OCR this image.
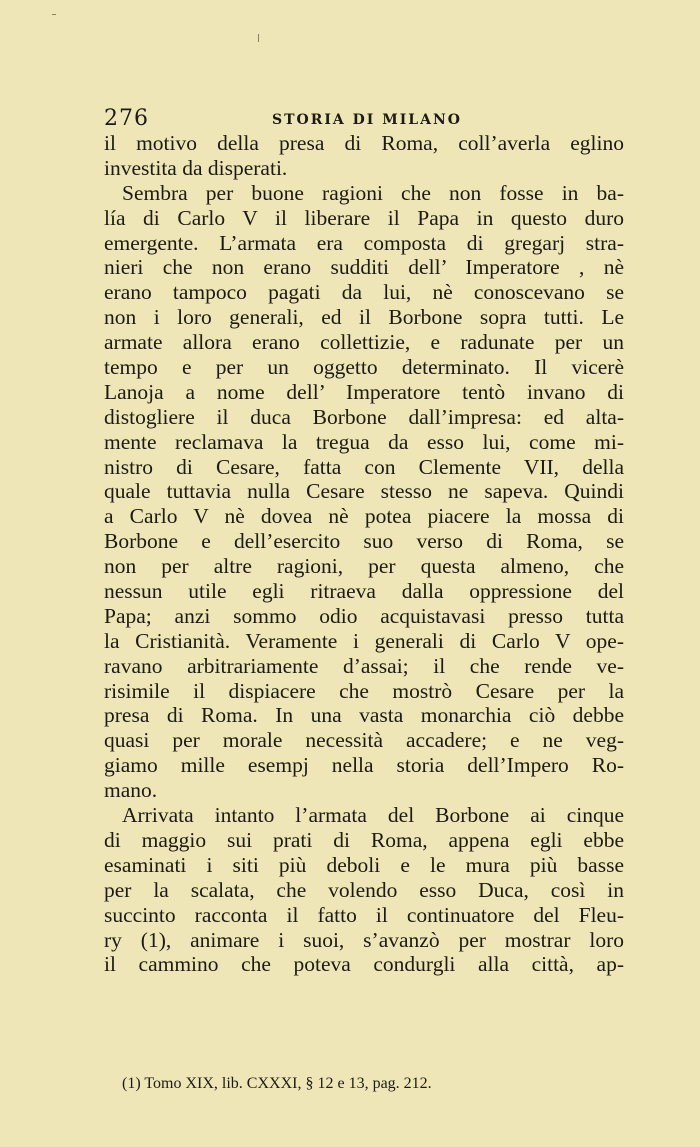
276	STORIA DI MILANO
il motivo della presa di Roma, coll’averla eglino
investita da disperati.
Sembra per buone ragioni che non fosse in ba-
lía di Carlo V il liberare il Papa in questo duro
emergente. L’armata era composta di gregarj stra-
nieri che non erano sudditi dell’ Imperatore , nè
erano tampoco pagati da lui, nè conoscevano se
non i loro generali, ed il Borbone sopra tutti. Le
armate allora erano collettizie, e radunate per un
tempo e per un oggetto determinato. Il vicerè
Lanoja a nome dell’ Imperatore tentò invano di
distogliere il duca Borbone dall’impresa: ed alta-
mente reclamava la tregua da esso lui, come mi-
nistro di Cesare, fatta con Clemente VII, della
quale tuttavia nulla Cesare stesso ne sapeva. Quindi
a Carlo V nè dovea nè potea piacere la mossa di
Borbone e dell’esercito suo verso di Roma, se
non per altre ragioni, per questa almeno, che
nessun utile egli ritraeva dalla oppressione del
Papa; anzi sommo odio acquistavasi presso tutta
la Cristianità. Veramente i generali di Carlo V ope-
ravano arbitrariamente d’assai; il che rende ve-
risimile il dispiacere che mostrò Cesare per la
presa di Roma. In una vasta monarchia ciò debbe
quasi per morale necessità accadere; e ne veg-
giamo mille esempj nella storia dell’Impero Ro-
mano.
Arrivata intanto l’armata del Borbone ai cinque
di maggio sui prati di Roma, appena egli ebbe
esaminati i siti più deboli e le mura più basse
per la scalata, che volendo esso Duca, così in
succinto racconta il fatto il continuatore del Fleu-
ry (1), animare i suoi, s’avanzò per mostrar loro
il cammino che poteva condurgli alla città, ap-
(1) Tomo XIX, lib. CXXXI, § 12 e 13, pag. 212.
